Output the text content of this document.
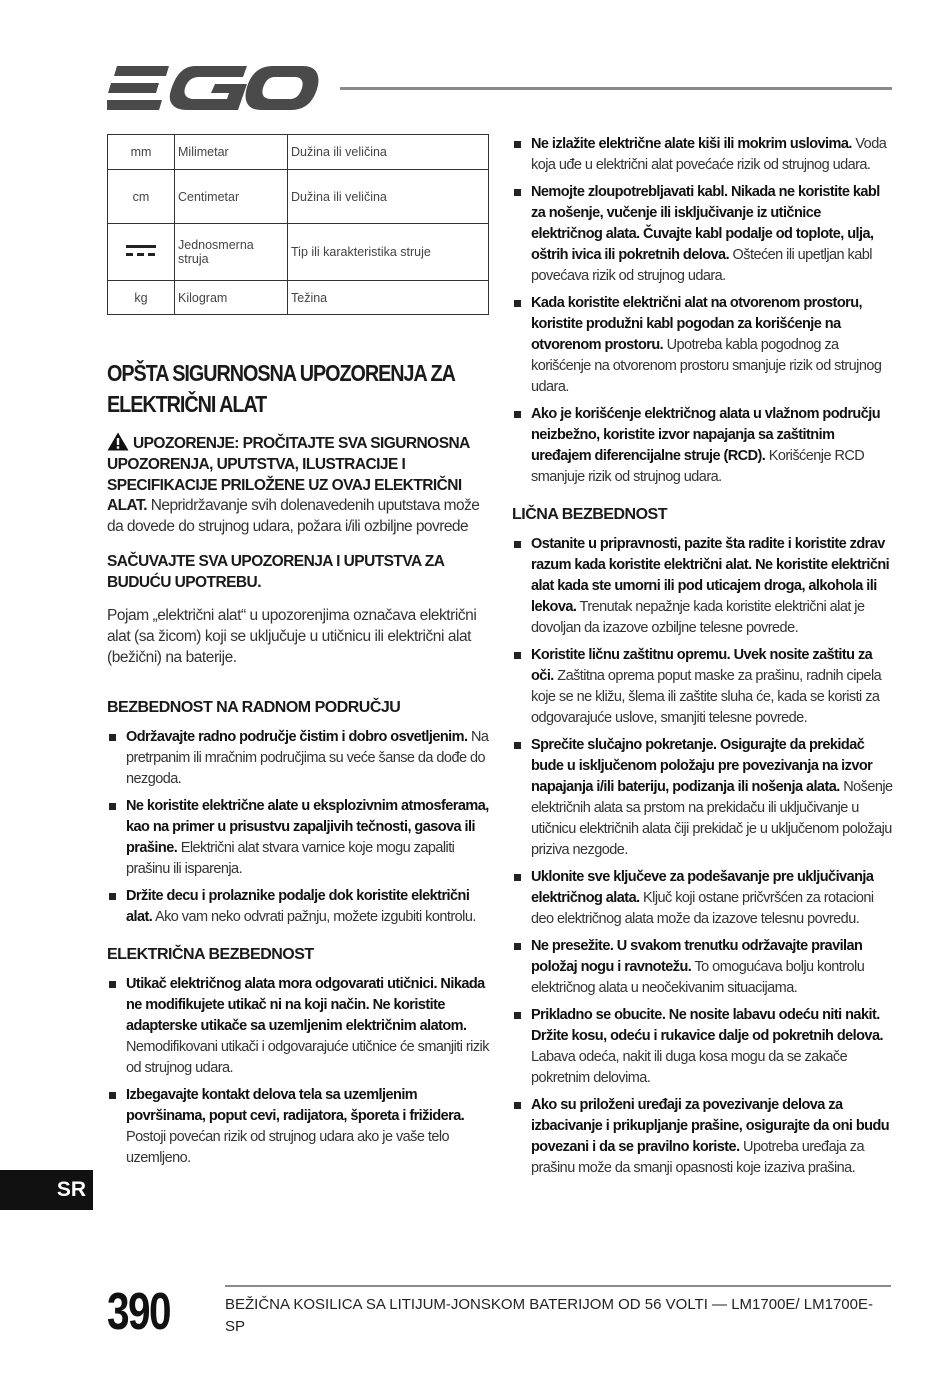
mm	Milimetar	Dužina ili veličina
cm	Centimetar	Dužina ili veličina

	Jednosmerna struja	Tip ili karakteristika struje
kg	Kilogram	Težina
OPŠTA SIGURNOSNA UPOZORENJA ZA ELEKTRIČNI ALAT

UPOZORENJE: PROČITAJTE SVA SIGURNOSNA UPOZORENJA, UPUTSTVA, ILUSTRACIJE I SPECIFIKACIJE PRILOŽENE UZ OVAJ ELEKTRIČNI ALAT. Nepridržavanje svih dolenavedenih uputstava može da dovede do strujnog udara, požara i/ili ozbiljne povrede

SAČUVAJTE SVA UPOZORENJA I UPUTSTVA ZA BUDUĆU UPOTREBU.

Pojam „električni alat“ u upozorenjima označava električni alat (sa žicom) koji se uključuje u utičnicu ili električni alat (bežični) na baterije.

BEZBEDNOST NA RADNOM PODRUČJU
Održavajte radno područje čistim i dobro osvetljenim. Na pretrpanim ili mračnim područjima su veće šanse da dođe do nezgoda.
Ne koristite električne alate u eksplozivnim atmosferama, kao na primer u prisustvu zapaljivih tečnosti, gasova ili prašine. Električni alat stvara varnice koje mogu zapaliti prašinu ili isparenja.
Držite decu i prolaznike podalje dok koristite električni alat. Ako vam neko odvrati pažnju, možete izgubiti kontrolu.
ELEKTRIČNA BEZBEDNOST
Utikač električnog alata mora odgovarati utičnici. Nikada ne modifikujete utikač ni na koji način. Ne koristite adapterske utikače sa uzemljenim električnim alatom. Nemodifikovani utikači i odgovarajuće utičnice će smanjiti rizik od strujnog udara.
Izbegavajte kontakt delova tela sa uzemljenim površinama, poput cevi, radijatora, šporeta i frižidera. Postoji povećan rizik od strujnog udara ako je vaše telo uzemljeno.
Ne izlažite električne alate kiši ili mokrim uslovima. Voda koja uđe u električni alat povećaće rizik od strujnog udara.
Nemojte zloupotrebljavati kabl. Nikada ne koristite kabl za nošenje, vučenje ili isključivanje iz utičnice električnog alata. Čuvajte kabl podalje od toplote, ulja, oštrih ivica ili pokretnih delova. Oštećen ili upetljan kabl povećava rizik od strujnog udara.
Kada koristite električni alat na otvorenom prostoru, koristite produžni kabl pogodan za korišćenje na otvorenom prostoru. Upotreba kabla pogodnog za korišćenje na otvorenom prostoru smanjuje rizik od strujnog udara.
Ako je korišćenje električnog alata u vlažnom području neizbežno, koristite izvor napajanja sa zaštitnim uređajem diferencijalne struje (RCD). Korišćenje RCD smanjuje rizik od strujnog udara.
LIČNA BEZBEDNOST
Ostanite u pripravnosti, pazite šta radite i koristite zdrav razum kada koristite električni alat. Ne koristite električni alat kada ste umorni ili pod uticajem droga, alkohola ili lekova. Trenutak nepažnje kada koristite električni alat je dovoljan da izazove ozbiljne telesne povrede.
Koristite ličnu zaštitnu opremu. Uvek nosite zaštitu za oči. Zaštitna oprema poput maske za prašinu, radnih cipela koje se ne kližu, šlema ili zaštite sluha će, kada se koristi za odgovarajuće uslove, smanjiti telesne povrede.
Sprečite slučajno pokretanje. Osigurajte da prekidač bude u isključenom položaju pre povezivanja na izvor napajanja i/ili bateriju, podizanja ili nošenja alata. Nošenje električnih alata sa prstom na prekidaču ili uključivanje u utičnicu električnih alata čiji prekidač je u uključenom položaju priziva nezgode.
Uklonite sve ključeve za podešavanje pre uključivanja električnog alata. Ključ koji ostane pričvršćen za rotacioni deo električnog alata može da izazove telesnu povredu.
Ne presežite. U svakom trenutku održavajte pravilan položaj nogu i ravnotežu. To omogućava bolju kontrolu električnog alata u neočekivanim situacijama.
Prikladno se obucite. Ne nosite labavu odeću niti nakit. Držite kosu, odeću i rukavice dalje od pokretnih delova. Labava odeća, nakit ili duga kosa mogu da se zakače pokretnim delovima.
Ako su priloženi uređaji za povezivanje delova za izbacivanje i prikupljanje prašine, osigurajte da oni budu povezani i da se pravilno koriste. Upotreba uređaja za prašinu može da smanji opasnosti koje izaziva prašina.
SR
390	BEŽIČNA KOSILICA SA LITIJUM-JONSKOM BATERIJOM OD 56 VOLTI — LM1700E/ LM1700E-SP
